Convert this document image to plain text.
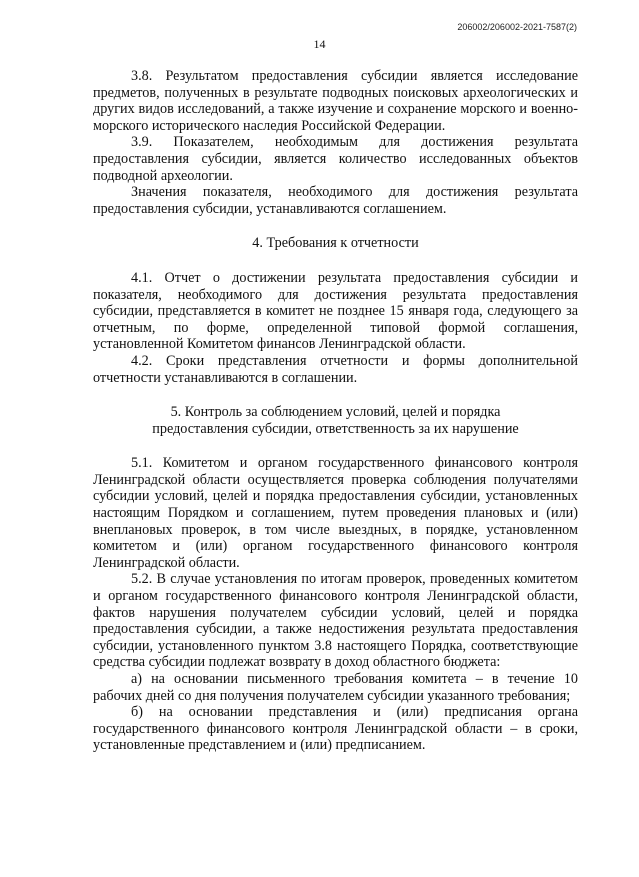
206002/206002-2021-7587(2)
14

3.8. Результатом предоставления субсидии является исследование предметов, полученных в результате подводных поисковых археологических и других видов исследований, а также изучение и сохранение морского и военно-морского исторического наследия Российской Федерации.

3.9. Показателем, необходимым для достижения результата предоставления субсидии, является количество исследованных объектов подводной археологии.

Значения показателя, необходимого для достижения результата предоставления субсидии, устанавливаются соглашением.

4. Требования к отчетности

4.1. Отчет о достижении результата предоставления субсидии и показателя, необходимого для достижения результата предоставления субсидии, представляется в комитет не позднее 15 января года, следующего за отчетным, по форме, определенной типовой формой соглашения, установленной Комитетом финансов Ленинградской области.

4.2. Сроки представления отчетности и формы дополнительной отчетности устанавливаются в соглашении.

5. Контроль за соблюдением условий, целей и порядка

предоставления субсидии, ответственность за их нарушение

5.1. Комитетом и органом государственного финансового контроля Ленинградской области осуществляется проверка соблюдения получателями субсидии условий, целей и порядка предоставления субсидии, установленных настоящим Порядком и соглашением, путем проведения плановых и (или) внеплановых проверок, в том числе выездных, в порядке, установленном комитетом и (или) органом государственного финансового контроля Ленинградской области.

5.2. В случае установления по итогам проверок, проведенных комитетом и органом государственного финансового контроля Ленинградской области, фактов нарушения получателем субсидии условий, целей и порядка предоставления субсидии, а также недостижения результата предоставления субсидии, установленного пунктом 3.8 настоящего Порядка, соответствующие средства субсидии подлежат возврату в доход областного бюджета:

а) на основании письменного требования комитета – в течение 10 рабочих дней со дня получения получателем субсидии указанного требования;

б) на основании представления и (или) предписания органа государственного финансового контроля Ленинградской области – в сроки, установленные представлением и (или) предписанием.
